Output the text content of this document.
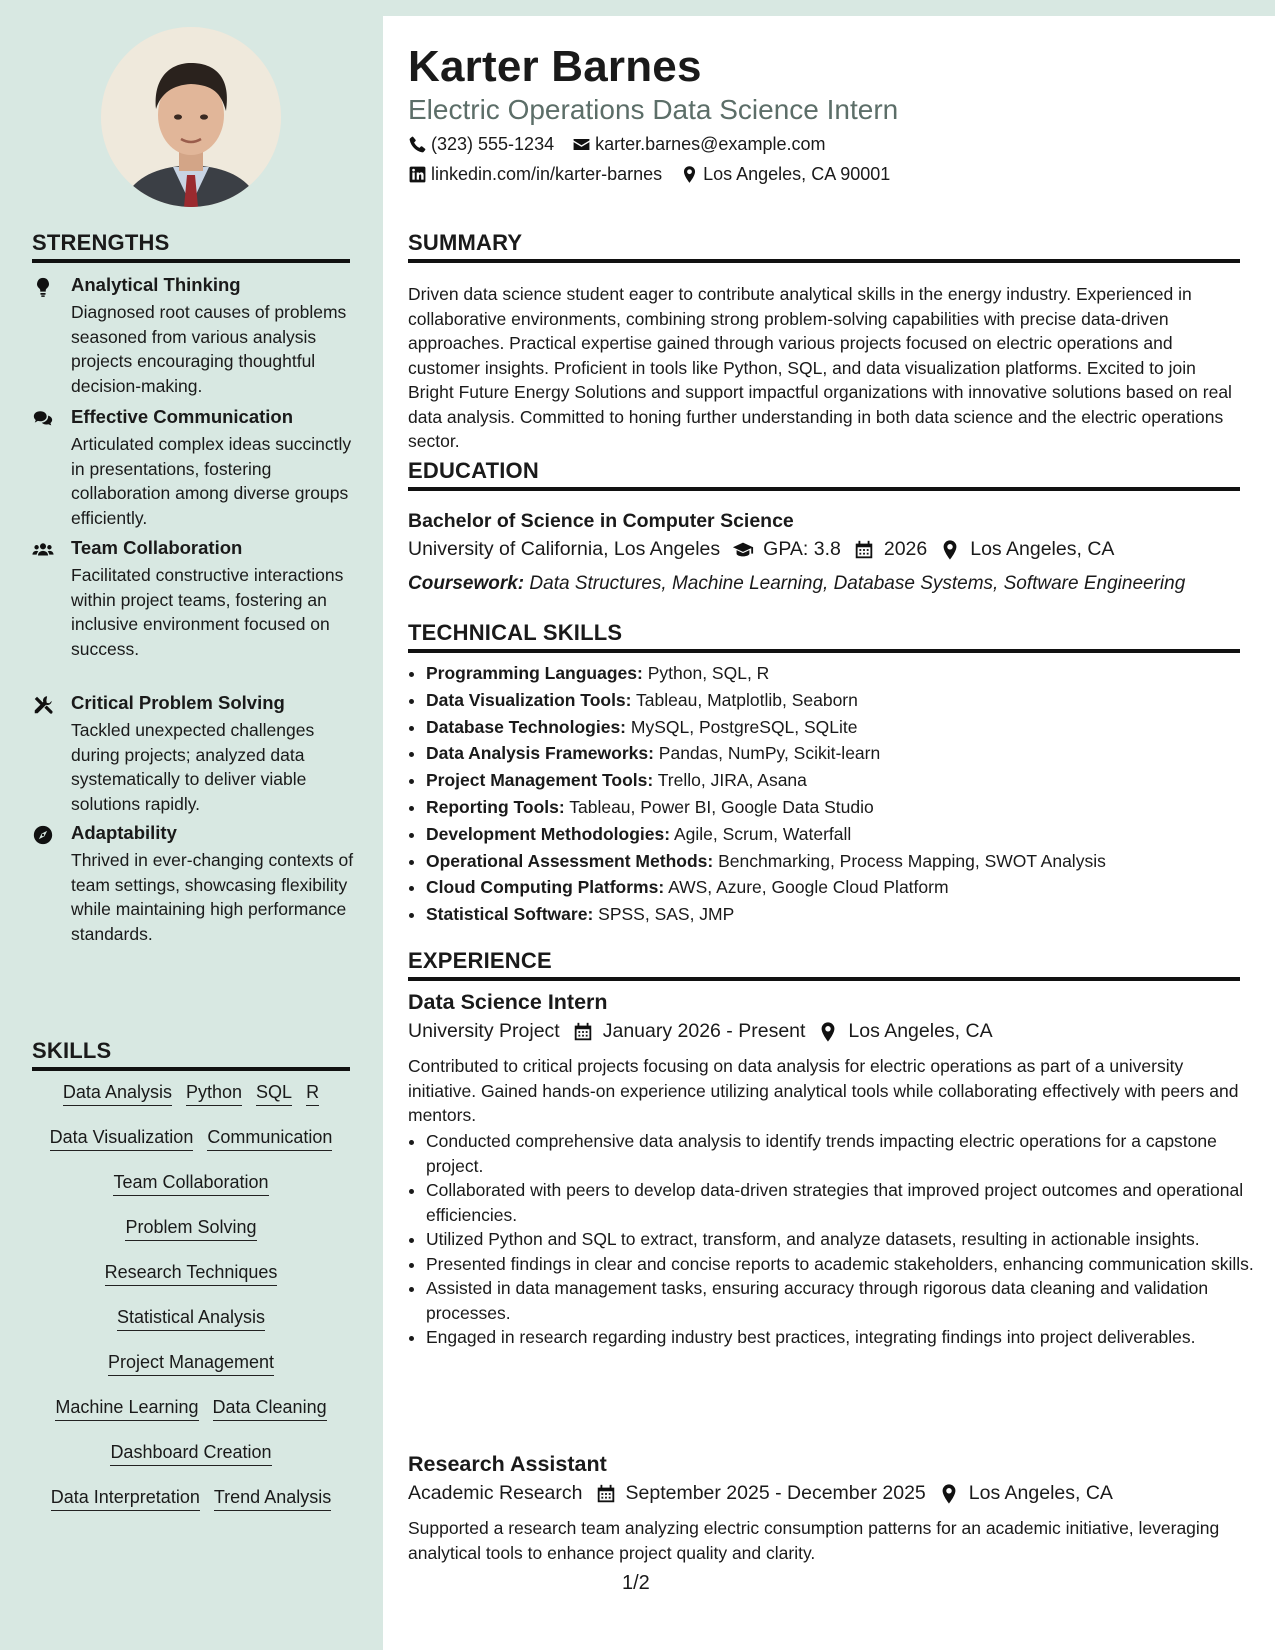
STRENGTHS
Analytical Thinking
Diagnosed root causes of problems seasoned from various analysis projects encouraging thoughtful decision-making.
Effective Communication
Articulated complex ideas succinctly in presentations, fostering collaboration among diverse groups efficiently.
Team Collaboration
Facilitated constructive interactions within project teams, fostering an inclusive environment focused on success.
Critical Problem Solving
Tackled unexpected challenges during projects; analyzed data systematically to deliver viable solutions rapidly.
Adaptability
Thrived in ever-changing contexts of team settings, showcasing flexibility while maintaining high performance standards.
SKILLS
Data Analysis Python SQL R
Data Visualization Communication
Team Collaboration
Problem Solving
Research Techniques
Statistical Analysis
Project Management
Machine Learning Data Cleaning
Dashboard Creation
Data Interpretation Trend Analysis
Karter Barnes
Electric Operations Data Science Intern
(323) 555-1234 karter.barnes@example.com
linkedin.com/in/karter-barnes Los Angeles, CA 90001
SUMMARY
Driven data science student eager to contribute analytical skills in the energy industry. Experienced in collaborative environments, combining strong problem-solving capabilities with precise data-driven approaches. Practical expertise gained through various projects focused on electric operations and customer insights. Proficient in tools like Python, SQL, and data visualization platforms. Excited to join Bright Future Energy Solutions and support impactful organizations with innovative solutions based on real data analysis. Committed to honing further understanding in both data science and the electric operations sector.
EDUCATION
Bachelor of Science in Computer Science
University of California, Los Angeles GPA: 3.8 2026 Los Angeles, CA
Coursework: Data Structures, Machine Learning, Database Systems, Software Engineering
TECHNICAL SKILLS
• Programming Languages: Python, SQL, R
• Data Visualization Tools: Tableau, Matplotlib, Seaborn
• Database Technologies: MySQL, PostgreSQL, SQLite
• Data Analysis Frameworks: Pandas, NumPy, Scikit-learn
• Project Management Tools: Trello, JIRA, Asana
• Reporting Tools: Tableau, Power BI, Google Data Studio
• Development Methodologies: Agile, Scrum, Waterfall
• Operational Assessment Methods: Benchmarking, Process Mapping, SWOT Analysis
• Cloud Computing Platforms: AWS, Azure, Google Cloud Platform
• Statistical Software: SPSS, SAS, JMP
EXPERIENCE
Data Science Intern
University Project January 2026 - Present Los Angeles, CA
Contributed to critical projects focusing on data analysis for electric operations as part of a university initiative. Gained hands-on experience utilizing analytical tools while collaborating effectively with peers and mentors.
• Conducted comprehensive data analysis to identify trends impacting electric operations for a capstone project.
• Collaborated with peers to develop data-driven strategies that improved project outcomes and operational efficiencies.
• Utilized Python and SQL to extract, transform, and analyze datasets, resulting in actionable insights.
• Presented findings in clear and concise reports to academic stakeholders, enhancing communication skills.
• Assisted in data management tasks, ensuring accuracy through rigorous data cleaning and validation processes.
• Engaged in research regarding industry best practices, integrating findings into project deliverables.
Research Assistant
Academic Research September 2025 - December 2025 Los Angeles, CA
Supported a research team analyzing electric consumption patterns for an academic initiative, leveraging analytical tools to enhance project quality and clarity.
1/2
